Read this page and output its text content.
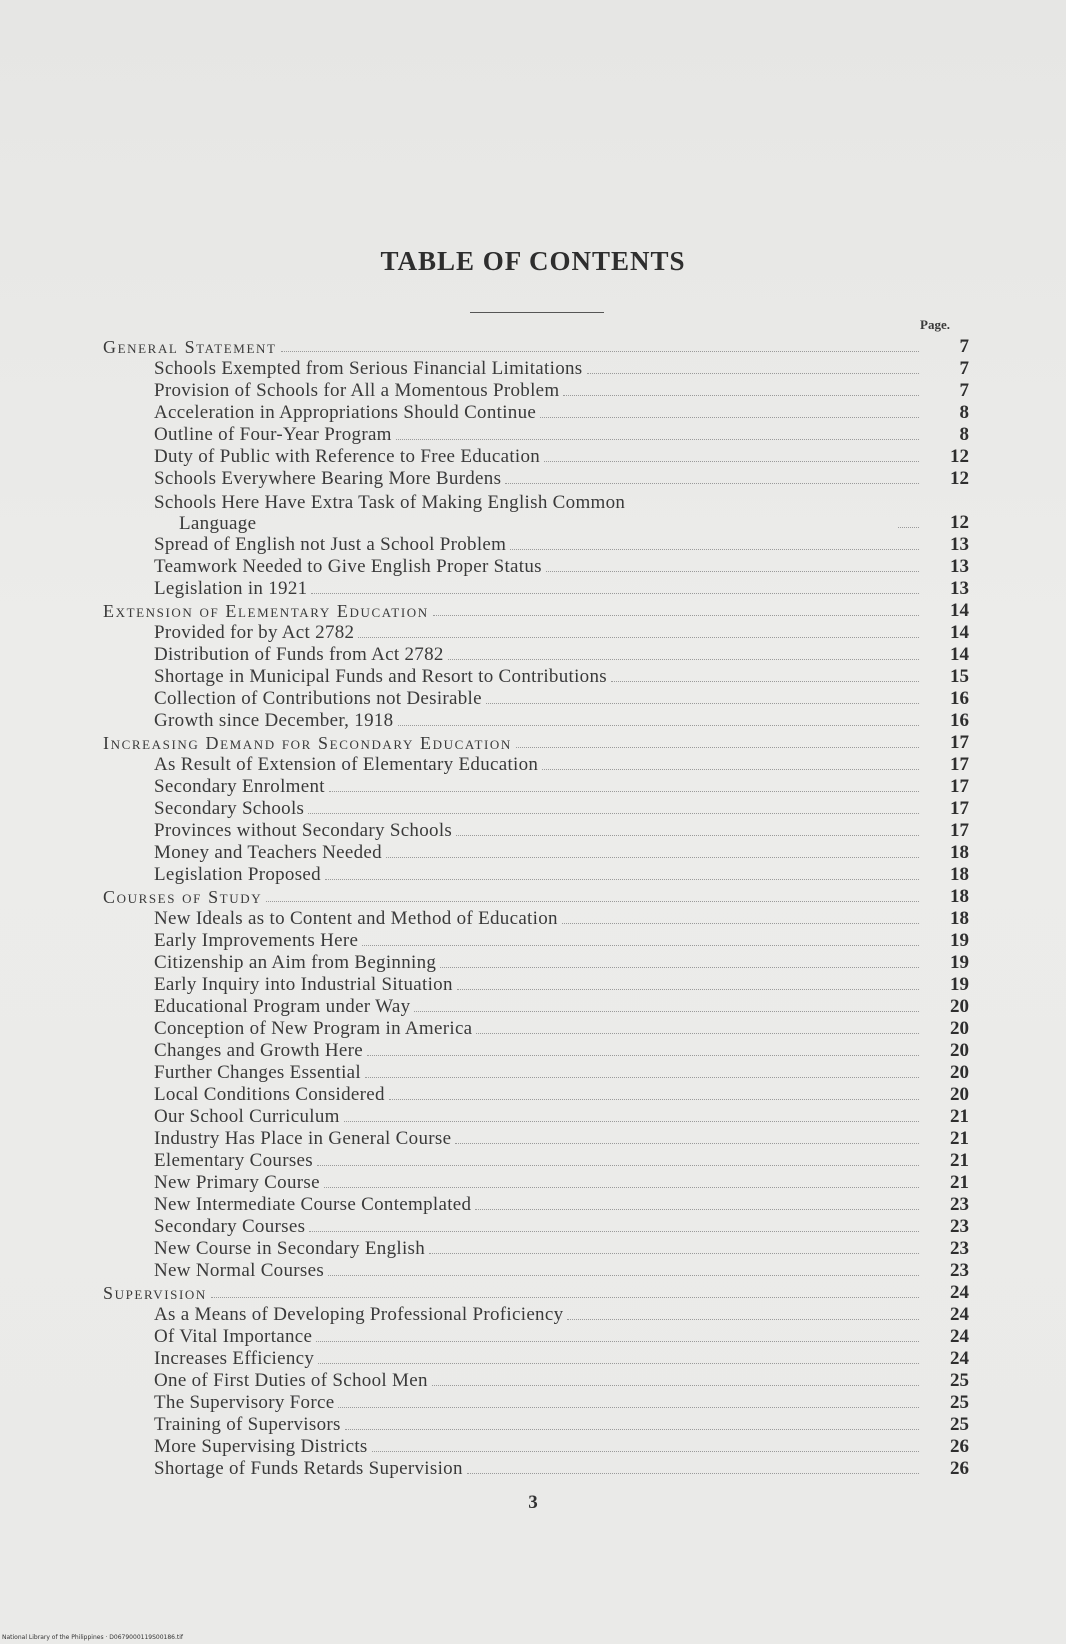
TABLE OF CONTENTS
Page.
General Statement	7
Schools Exempted from Serious Financial Limitations	7
Provision of Schools for All a Momentous Problem	7
Acceleration in Appropriations Should Continue	8
Outline of Four-Year Program	8
Duty of Public with Reference to Free Education	12
Schools Everywhere Bearing More Burdens	12
Schools Here Have Extra Task of Making English Common
Language	12
Spread of English not Just a School Problem	13
Teamwork Needed to Give English Proper Status	13
Legislation in 1921	13
Extension of Elementary Education	14
Provided for by Act 2782	14
Distribution of Funds from Act 2782	14
Shortage in Municipal Funds and Resort to Contributions	15
Collection of Contributions not Desirable	16
Growth since December, 1918	16
Increasing Demand for Secondary Education	17
As Result of Extension of Elementary Education	17
Secondary Enrolment	17
Secondary Schools	17
Provinces without Secondary Schools	17
Money and Teachers Needed	18
Legislation Proposed	18
Courses of Study	18
New Ideals as to Content and Method of Education	18
Early Improvements Here	19
Citizenship an Aim from Beginning	19
Early Inquiry into Industrial Situation	19
Educational Program under Way	20
Conception of New Program in America	20
Changes and Growth Here	20
Further Changes Essential	20
Local Conditions Considered	20
Our School Curriculum	21
Industry Has Place in General Course	21
Elementary Courses	21
New Primary Course	21
New Intermediate Course Contemplated	23
Secondary Courses	23
New Course in Secondary English	23
New Normal Courses	23
Supervision	24
As a Means of Developing Professional Proficiency	24
Of Vital Importance	24
Increases Efficiency	24
One of First Duties of School Men	25
The Supervisory Force	25
Training of Supervisors	25
More Supervising Districts	26
Shortage of Funds Retards Supervision	26
3
National Library of the Philippines · D0679000119S00186.tif
